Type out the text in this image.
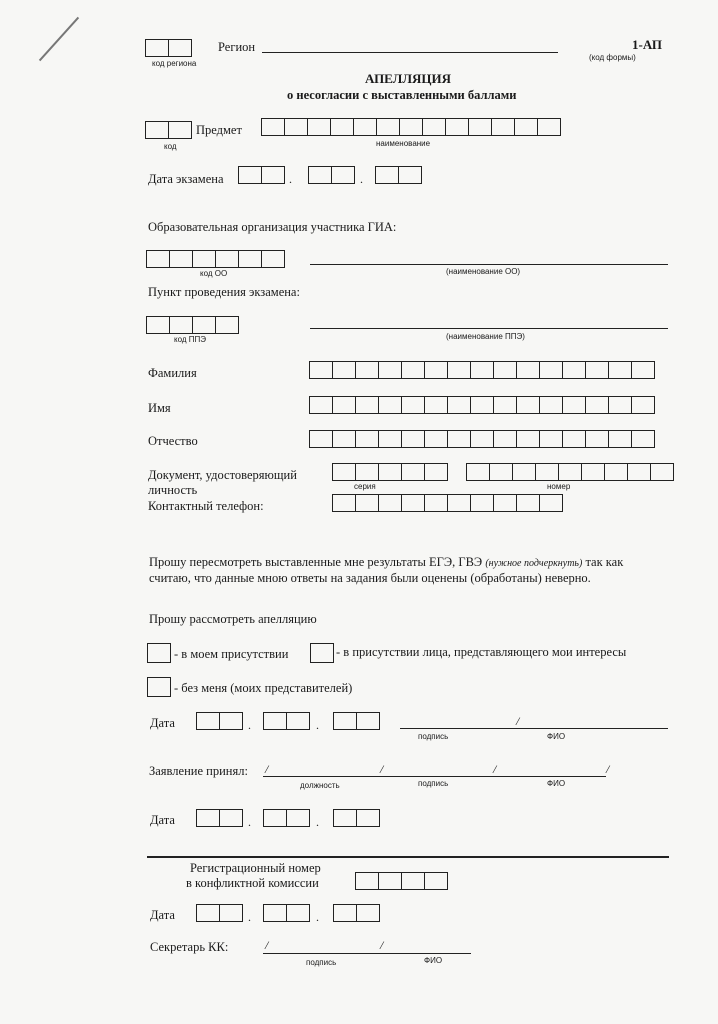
код региона
Регион	1-АП
(код формы)
АПЕЛЛЯЦИЯ
о несогласии с выставленными баллами
Предмет
код	наименование
Дата экзамена	.	.
Образовательная организация участника ГИА:
код ОО	(наименование ОО)
Пункт проведения экзамена:
код ППЭ	(наименование ППЭ)
Фамилия
Имя
Отчество
Документ, удостоверяющий
личность	серия	номер
Контактный телефон:
Прошу пересмотреть выставленные мне результаты ЕГЭ, ГВЭ (нужное подчеркнуть) так как
считаю, что данные мною ответы на задания были оценены (обработаны) неверно.
Прошу рассмотреть апелляцию
- в моем присутствии	- в присутствии лица, представляющего мои интересы
- без меня (моих представителей)
Дата	.	.	/
подпись	ФИО
Заявление принял: /	/	/	/
должность	подпись	ФИО
Дата	.	.
Регистрационный номер
в конфликтной комиссии
Дата	.	.
Секретарь КК:	/	/
подпись	ФИО
